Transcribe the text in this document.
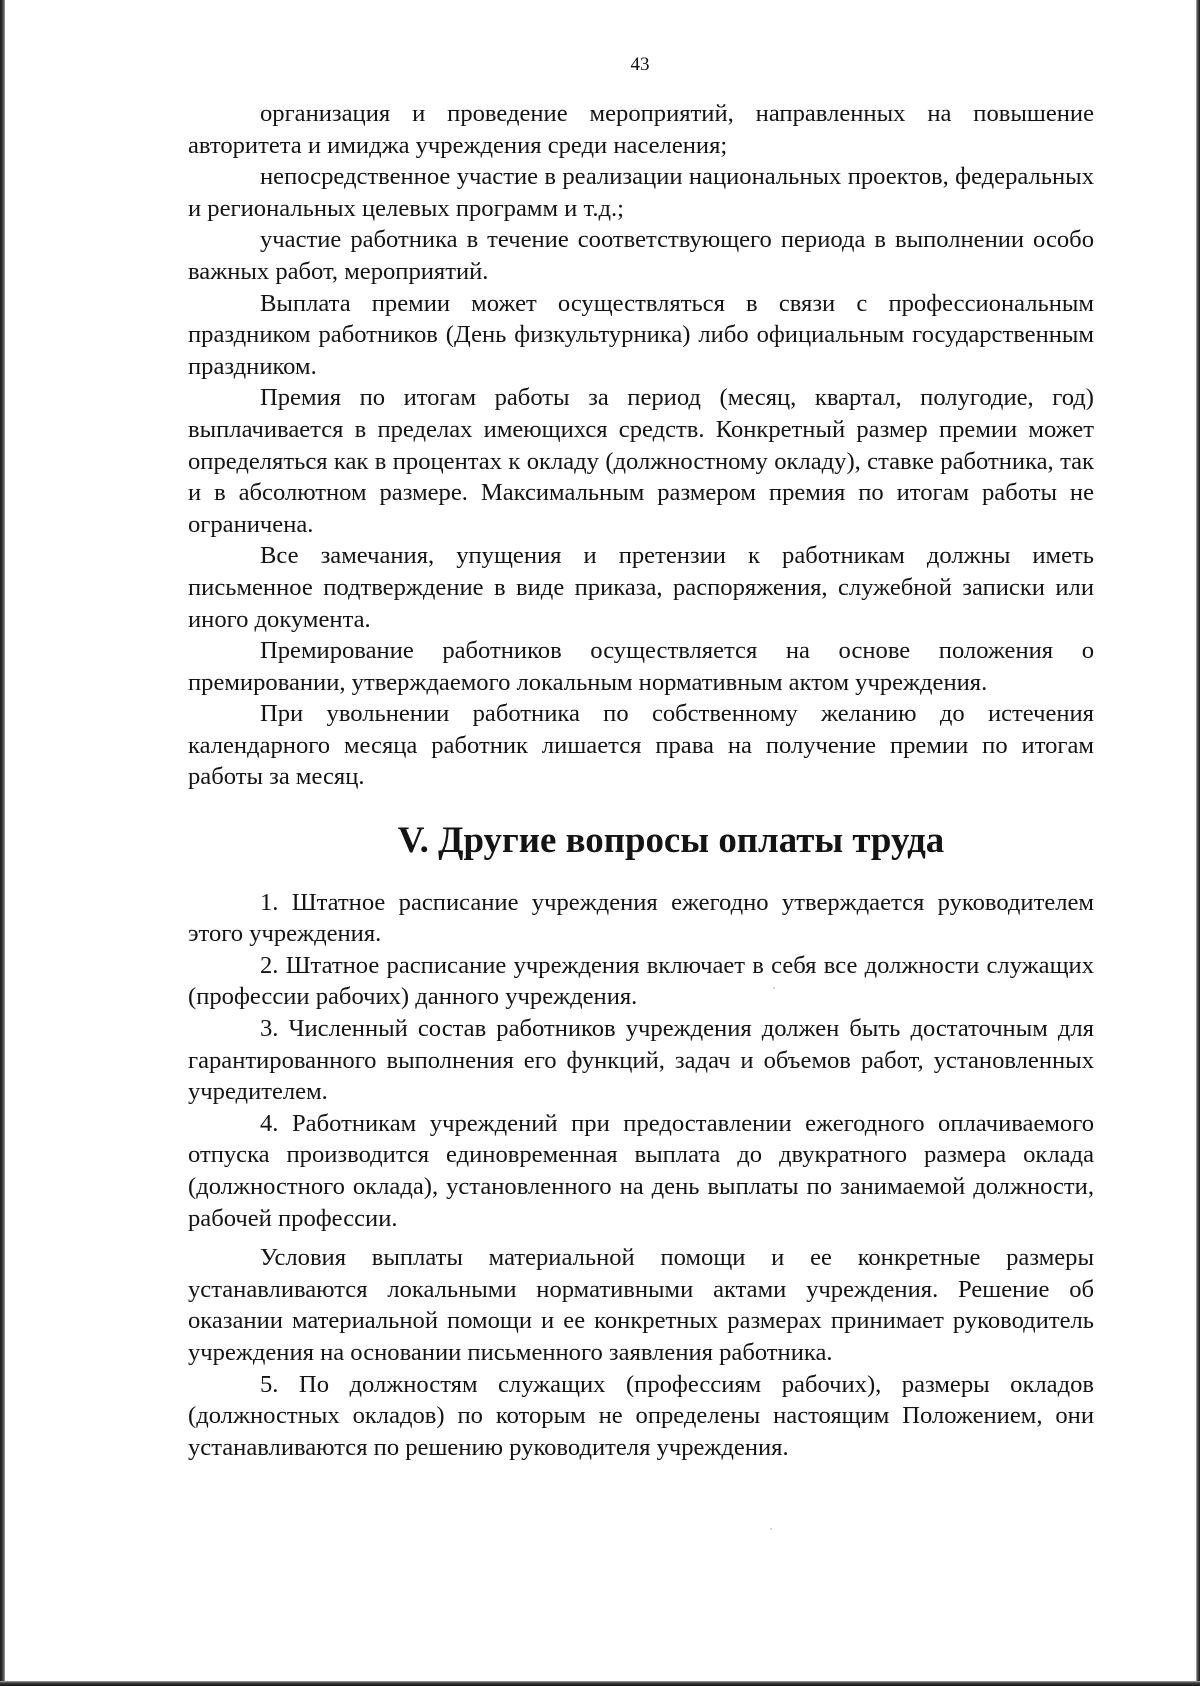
43

организация и проведение мероприятий, направленных на повышение авторитета и имиджа учреждения среди населения;

непосредственное участие в реализации национальных проектов, федеральных и региональных целевых программ и т.д.;

участие работника в течение соответствующего периода в выполнении особо важных работ, мероприятий.

Выплата премии может осуществляться в связи с профессиональным праздником работников (День физкультурника) либо официальным государственным праздником.

Премия по итогам работы за период (месяц, квартал, полугодие, год) выплачивается в пределах имеющихся средств. Конкретный размер премии может определяться как в процентах к окладу (должностному окладу), ставке работника, так и в абсолютном размере. Максимальным размером премия по итогам работы не ограничена.

Все замечания, упущения и претензии к работникам должны иметь письменное подтверждение в виде приказа, распоряжения, служебной записки или иного документа.

Премирование работников осуществляется на основе положения о премировании, утверждаемого локальным нормативным актом учреждения.

При увольнении работника по собственному желанию до истечения календарного месяца работник лишается права на получение премии по итогам работы за месяц.

V. Другие вопросы оплаты труда

1. Штатное расписание учреждения ежегодно утверждается руководителем этого учреждения.

2. Штатное расписание учреждения включает в себя все должности служащих (профессии рабочих) данного учреждения.

3. Численный состав работников учреждения должен быть достаточным для гарантированного выполнения его функций, задач и объемов работ, установленных учредителем.

4. Работникам учреждений при предоставлении ежегодного оплачиваемого отпуска производится единовременная выплата до двукратного размера оклада (должностного оклада), установленного на день выплаты по занимаемой должности, рабочей профессии.

Условия выплаты материальной помощи и ее конкретные размеры устанавливаются локальными нормативными актами учреждения. Решение об оказании материальной помощи и ее конкретных размерах принимает руководитель учреждения на основании письменного заявления работника.

5. По должностям служащих (профессиям рабочих), размеры окладов (должностных окладов) по которым не определены настоящим Положением, они устанавливаются по решению руководителя учреждения.
